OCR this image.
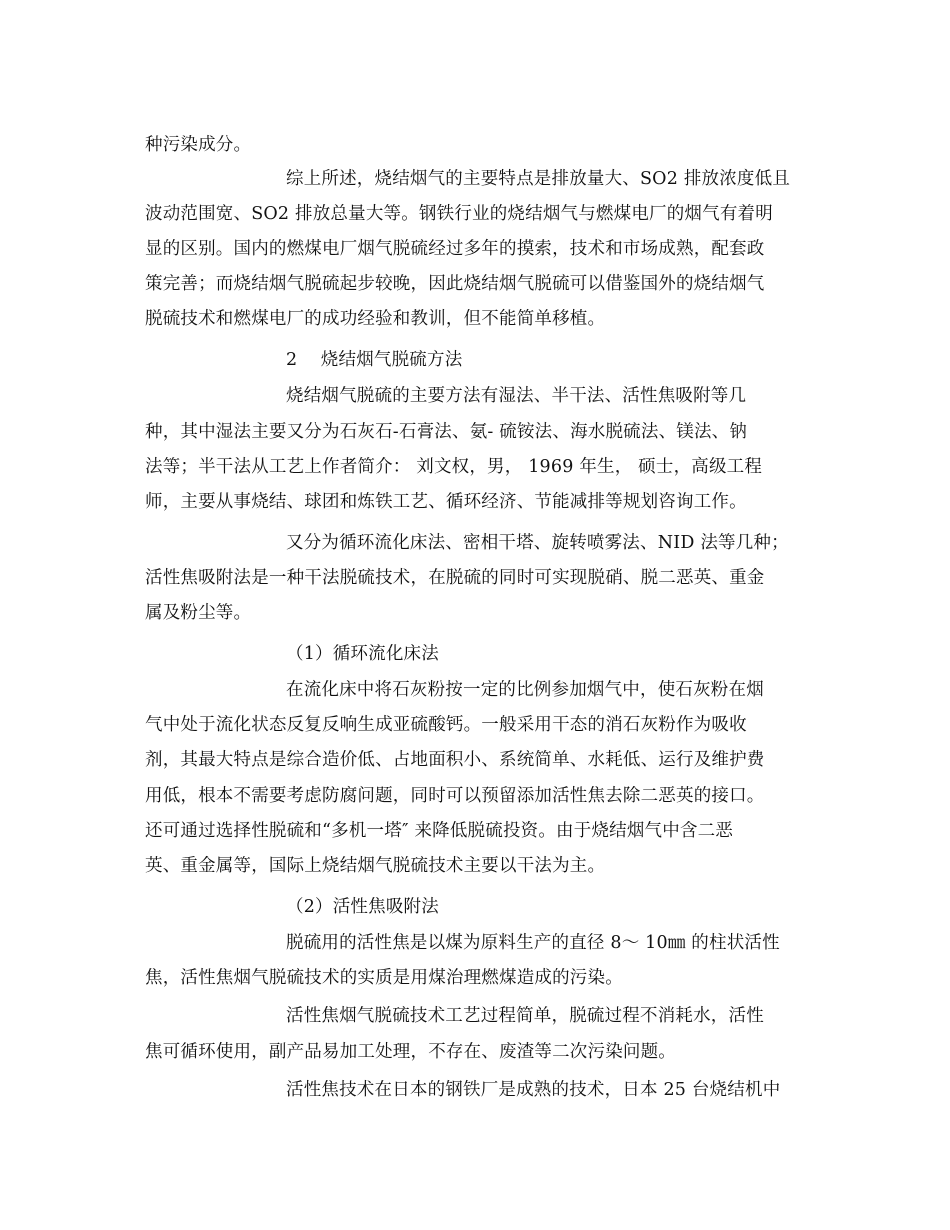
种污染成分。
综上所述，烧结烟气的主要特点是排放量大、SO2 排放浓度低且
波动范围宽、SO2 排放总量大等。钢铁行业的烧结烟气与燃煤电厂的烟气有着明
显的区别。国内的燃煤电厂烟气脱硫经过多年的摸索，技术和市场成熟，配套政
策完善；而烧结烟气脱硫起步较晚，因此烧结烟气脱硫可以借鉴国外的烧结烟气
脱硫技术和燃煤电厂的成功经验和教训，但不能简单移植。
2　 烧结烟气脱硫方法
烧结烟气脱硫的主要方法有湿法、半干法、活性焦吸附等几
种，其中湿法主要又分为石灰石-石膏法、氨- 硫铵法、海水脱硫法、镁法、钠
法等；半干法从工艺上作者简介： 刘文权，男， 1969 年生， 硕士，高级工程
师，主要从事烧结、球团和炼铁工艺、循环经济、节能减排等规划咨询工作。
又分为循环流化床法、密相干塔、旋转喷雾法、NID 法等几种；
活性焦吸附法是一种干法脱硫技术，在脱硫的同时可实现脱硝、脱二恶英、重金
属及粉尘等。
（1）循环流化床法
在流化床中将石灰粉按一定的比例参加烟气中，使石灰粉在烟
气中处于流化状态反复反响生成亚硫酸钙。一般采用干态的消石灰粉作为吸收
剂，其最大特点是综合造价低、占地面积小、系统简单、水耗低、运行及维护费
用低，根本不需要考虑防腐问题，同时可以预留添加活性焦去除二恶英的接口。
还可通过选择性脱硫和“多机一塔″ 来降低脱硫投资。由于烧结烟气中含二恶
英、重金属等，国际上烧结烟气脱硫技术主要以干法为主。
（2）活性焦吸附法
脱硫用的活性焦是以煤为原料生产的直径 8～ 10㎜ 的柱状活性
焦，活性焦烟气脱硫技术的实质是用煤治理燃煤造成的污染。
活性焦烟气脱硫技术工艺过程简单，脱硫过程不消耗水，活性
焦可循环使用，副产品易加工处理，不存在、废渣等二次污染问题。
活性焦技术在日本的钢铁厂是成熟的技术，日本 25 台烧结机中
